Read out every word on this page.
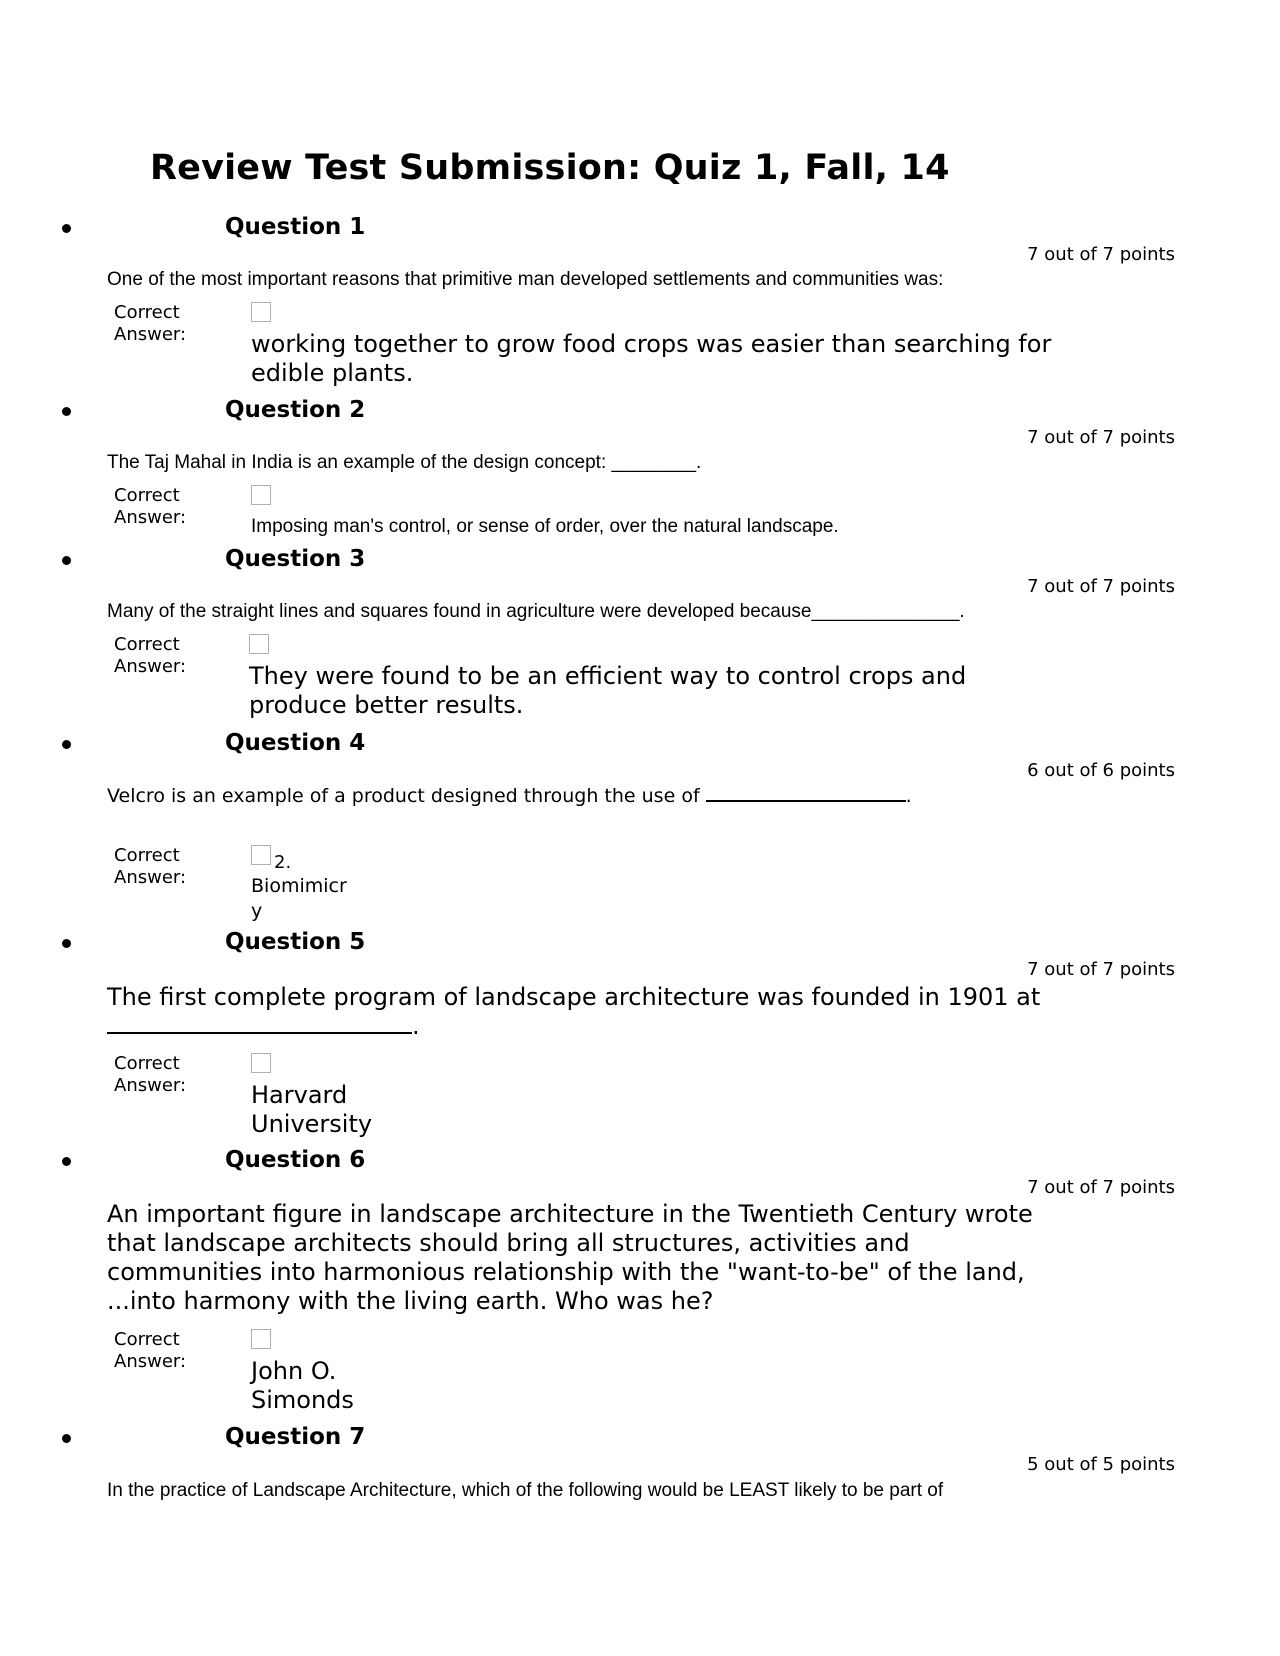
Review Test Submission: Quiz 1, Fall, 14
Question 1
7 out of 7 points
One of the most important reasons that primitive man developed settlements and communities was:
Correct
Answer:	working together to grow food crops was easier than searching for edible plants.
Question 2
7 out of 7 points
The Taj Mahal in India is an example of the design concept: ________.
Correct
Answer:	Imposing man's control, or sense of order, over the natural landscape.
Question 3
7 out of 7 points
Many of the straight lines and squares found in agriculture were developed because______________.
Correct
Answer:	They were found to be an efficient way to control crops and produce better results.
Question 4
6 out of 6 points
Velcro is an example of a product designed through the use of	.
Correct
Answer:
2.
Biomimicry
Question 5
7 out of 7 points
The first complete program of landscape architecture was founded in 1901 at .
Correct
Answer:	Harvard University
Question 6
7 out of 7 points
An important figure in landscape architecture in the Twentieth Century wrote that landscape architects should bring all structures, activities and communities into harmonious relationship with the "want-to-be" of the land, ...into harmony with the living earth. Who was he?
Correct
Answer:	John O. Simonds
Question 7
5 out of 5 points
In the practice of Landscape Architecture, which of the following would be LEAST likely to be part of
